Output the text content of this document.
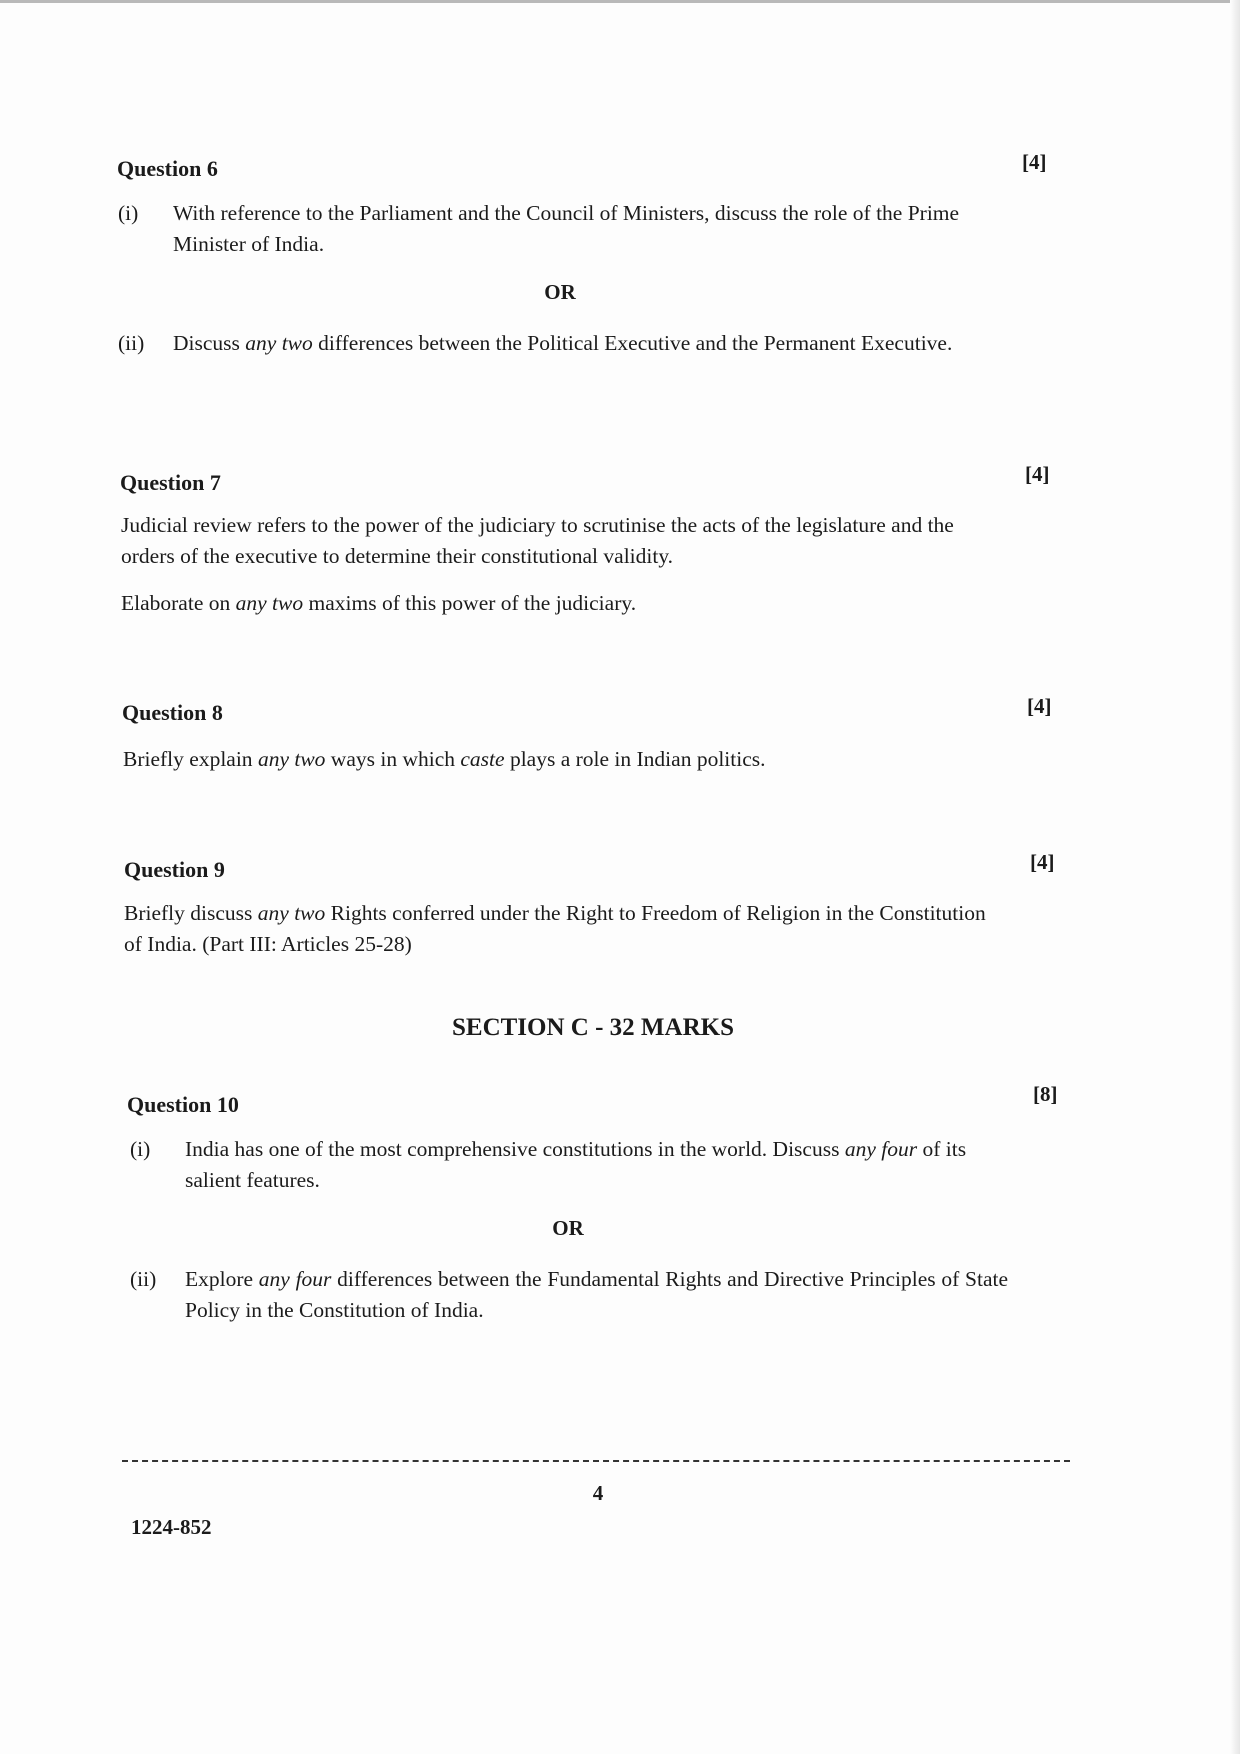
Question 6	[4]
(i) With reference to the Parliament and the Council of Ministers, discuss the role of the Prime Minister of India.
OR
(ii) Discuss any two differences between the Political Executive and the Permanent Executive.
Question 7	[4]
Judicial review refers to the power of the judiciary to scrutinise the acts of the legislature and the orders of the executive to determine their constitutional validity.
Elaborate on any two maxims of this power of the judiciary.
Question 8	[4]
Briefly explain any two ways in which caste plays a role in Indian politics.
Question 9	[4]
Briefly discuss any two Rights conferred under the Right to Freedom of Religion in the Constitution of India. (Part III: Articles 25-28)
SECTION C - 32 MARKS
Question 10	[8]
(i) India has one of the most comprehensive constitutions in the world. Discuss any four of its salient features.
OR
(ii) Explore any four differences between the Fundamental Rights and Directive Principles of State Policy in the Constitution of India.
4
1224-852
